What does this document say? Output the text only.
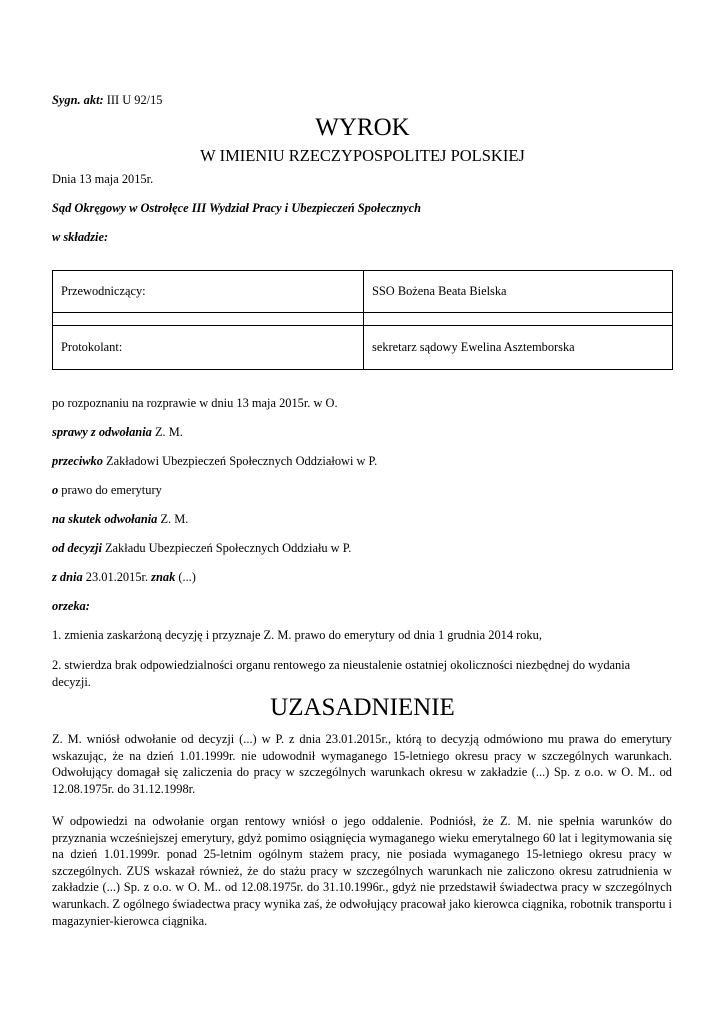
Sygn. akt: III U 92/15
WYROK
W IMIENIU RZECZYPOSPOLITEJ POLSKIEJ
Dnia 13 maja 2015r.
Sąd Okręgowy w Ostrołęce III Wydział Pracy i Ubezpieczeń Społecznych
w składzie:
Przewodniczący:	SSO Bożena Beata Bielska

Protokolant:	sekretarz sądowy Ewelina Asztemborska
po rozpoznaniu na rozprawie w dniu 13 maja 2015r. w O.
sprawy z odwołania Z. M.
przeciwko Zakładowi Ubezpieczeń Społecznych Oddziałowi w P.
o prawo do emerytury
na skutek odwołania Z. M.
od decyzji Zakładu Ubezpieczeń Społecznych Oddziału w P.
z dnia 23.01.2015r. znak (...)
orzeka:
1. zmienia zaskarżoną decyzję i przyznaje Z. M. prawo do emerytury od dnia 1 grudnia 2014 roku,
2. stwierdza brak odpowiedzialności organu rentowego za nieustalenie ostatniej okoliczności niezbędnej do wydania decyzji.
UZASADNIENIE
Z. M. wniósł odwołanie od decyzji (...) w P. z dnia 23.01.2015r., którą to decyzją odmówiono mu prawa do emerytury wskazując, że na dzień 1.01.1999r. nie udowodnił wymaganego 15-letniego okresu pracy w szczególnych warunkach. Odwołujący domagał się zaliczenia do pracy w szczególnych warunkach okresu w zakładzie (...) Sp. z o.o. w O. M.. od 12.08.1975r. do 31.12.1998r.
W odpowiedzi na odwołanie organ rentowy wniósł o jego oddalenie. Podniósł, że Z. M. nie spełnia warunków do przyznania wcześniejszej emerytury, gdyż pomimo osiągnięcia wymaganego wieku emerytalnego 60 lat i legitymowania się na dzień 1.01.1999r. ponad 25-letnim ogólnym stażem pracy, nie posiada wymaganego 15-letniego okresu pracy w szczególnych. ZUS wskazał również, że do stażu pracy w szczególnych warunkach nie zaliczono okresu zatrudnienia w zakładzie (...) Sp. z o.o. w O. M.. od 12.08.1975r. do 31.10.1996r., gdyż nie przedstawił świadectwa pracy w szczególnych warunkach. Z ogólnego świadectwa pracy wynika zaś, że odwołujący pracował jako kierowca ciągnika, robotnik transportu i magazynier-kierowca ciągnika.
